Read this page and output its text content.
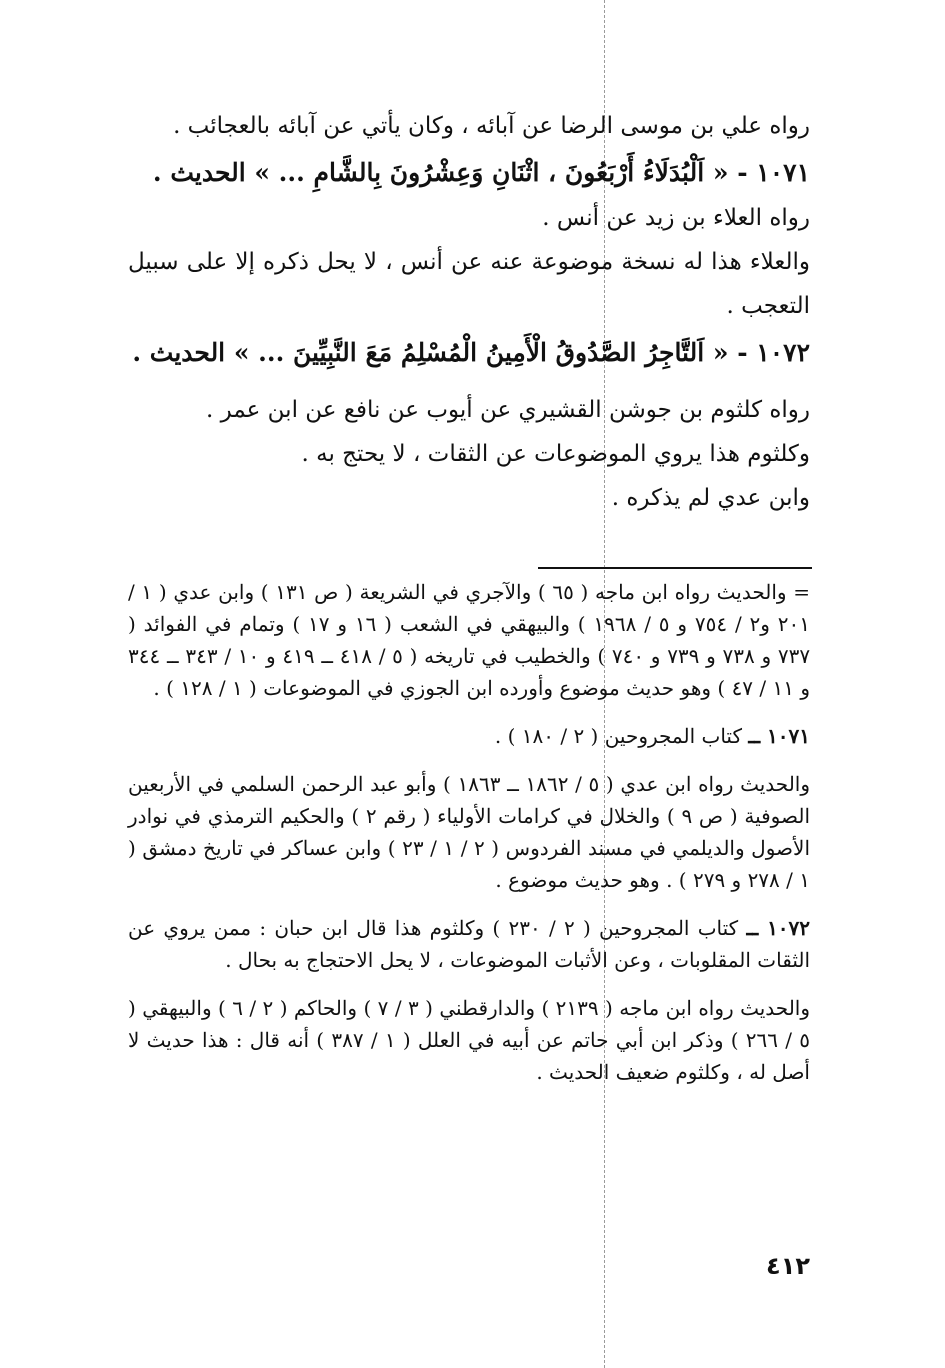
رواه علي بن موسى الرضا عن آبائه ، وكان يأتي عن آبائه بالعجائب .

١٠٧١ - « اَلْبُدَلَاءُ أَرْبَعُونَ ، اثْنَانِ وَعِشْرُونَ بِالشَّامِ ... » الحديث .

رواه العلاء بن زيد عن أنس .

والعلاء هذا له نسخة موضوعة عنه عن أنس ، لا يحل ذكره إلا على سبيل التعجب .

١٠٧٢ - « اَلتَّاجِرُ الصَّدُوقُ الْأَمِينُ الْمُسْلِمُ مَعَ النَّبِيِّينَ ... » الحديث .

رواه كلثوم بن جوشن القشيري عن أيوب عن نافع عن ابن عمر .

وكلثوم هذا يروي الموضوعات عن الثقات ، لا يحتج به .

وابن عدي لم يذكره .

= والحديث رواه ابن ماجه ( ٦٥ ) والآجري في الشريعة ( ص ١٣١ ) وابن عدي ( ١ / ٢٠١ و٢ / ٧٥٤ و ٥ / ١٩٦٨ ) والبيهقي في الشعب ( ١٦ و ١٧ ) وتمام في الفوائد ( ٧٣٧ و ٧٣٨ و ٧٣٩ و ٧٤٠ ) والخطيب في تاريخه ( ٥ / ٤١٨ ــ ٤١٩ و ١٠ / ٣٤٣ ــ ٣٤٤ و ١١ / ٤٧ ) وهو حديث موضوع وأورده ابن الجوزي في الموضوعات ( ١ / ١٢٨ ) .

١٠٧١ ــ كتاب المجروحين ( ٢ / ١٨٠ ) .

والحديث رواه ابن عدي ( ٥ / ١٨٦٢ ــ ١٨٦٣ ) وأبو عبد الرحمن السلمي في الأربعين الصوفية ( ص ٩ ) والخلال في كرامات الأولياء ( رقم ٢ ) والحكيم الترمذي في نوادر الأصول والديلمي في مسند الفردوس ( ٢ / ١ / ٢٣ ) وابن عساكر في تاريخ دمشق ( ١ / ٢٧٨ و ٢٧٩ ) . وهو حديث موضوع .

١٠٧٢ ــ كتاب المجروحين ( ٢ / ٢٣٠ ) وكلثوم هذا قال ابن حبان : ممن يروي عن الثقات المقلوبات ، وعن الأثبات الموضوعات ، لا يحل الاحتجاج به بحال .

والحديث رواه ابن ماجه ( ٢١٣٩ ) والدارقطني ( ٣ / ٧ ) والحاكم ( ٢ / ٦ ) والبيهقي ( ٥ / ٢٦٦ ) وذكر ابن أبي حاتم عن أبيه في العلل ( ١ / ٣٨٧ ) أنه قال : هذا حديث لا أصل له ، وكلثوم ضعيف الحديث .

٤١٢
